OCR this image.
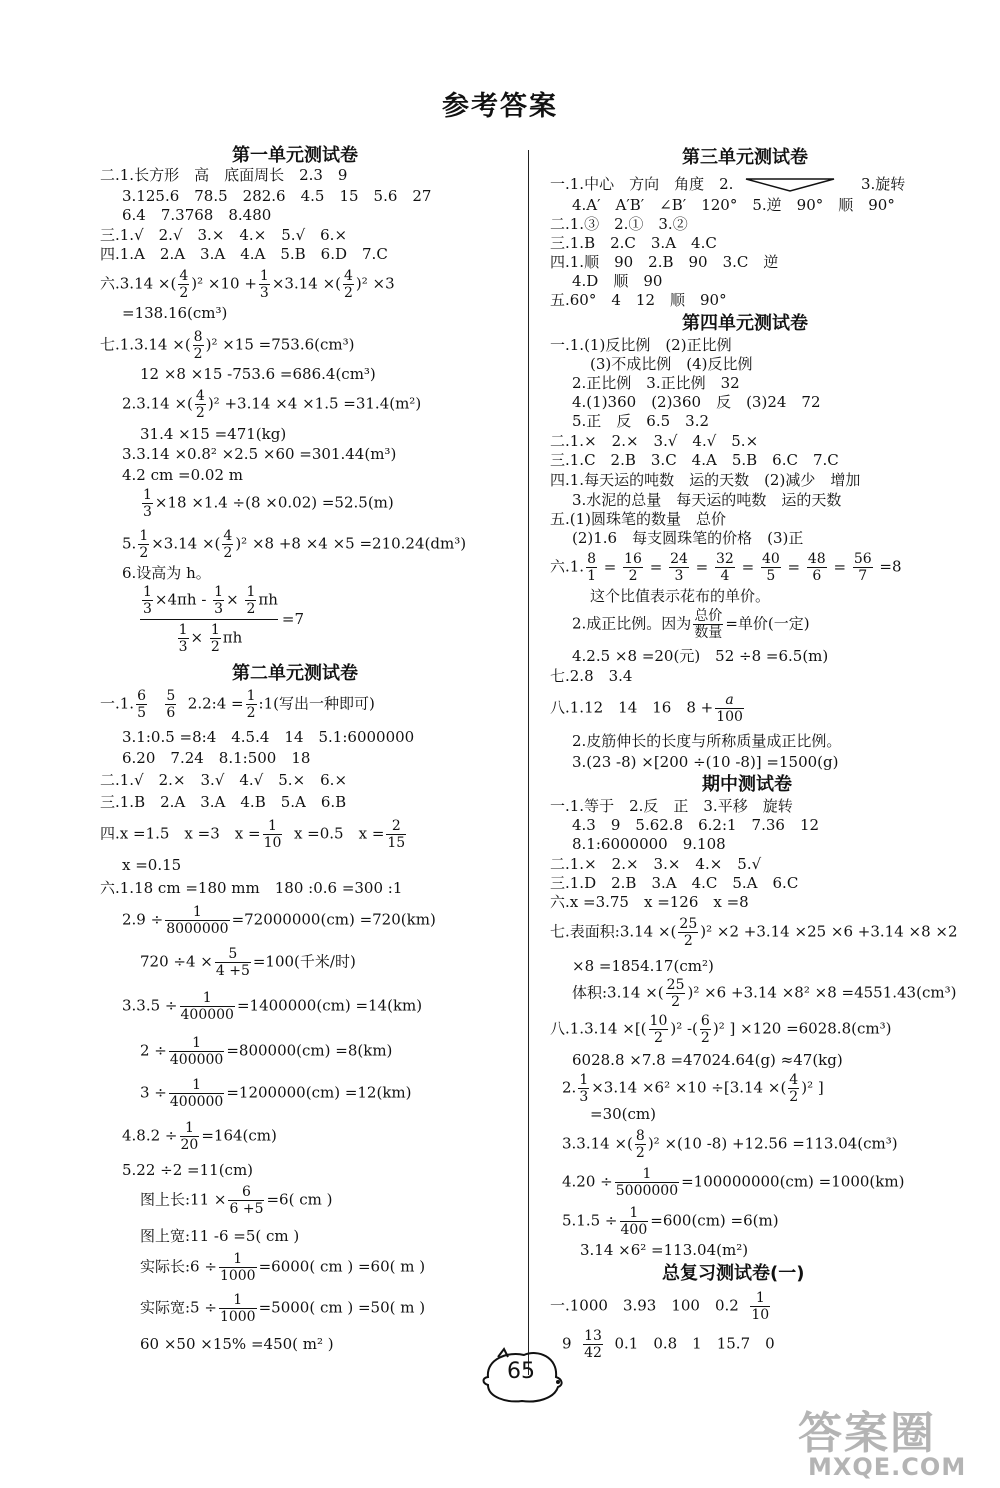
参考答案
第一单元测试卷
二.1.长方形　高　底面周长　2.3　9
3.125.6　78.5　282.6　4.5　15　5.6　27
6.4　7.3768　8.480
三.1.√　2.√　3.×　4.×　5.√　6.×
四.1.A　2.A　3.A　4.A　5.B　6.D　7.C
六.3.14 ×( $\frac{4}{2} )^2 \times 10 + \frac{1}{3} \times 3.14$ ×( $\frac{4}{2} )^2 \times 3$
=138.16(cm³)
七.1.3.14 ×( $\frac{8}{2} )^2 \times 15 =753.6(cm^3)$
12 ×8 ×15 -753.6 =686.4(cm³)
2.3.14 ×( $\frac{4}{2} )^2 +3.14 \times 4 \times 1.5 =31.4(m^2)$
31.4 ×15 =471(kg)
3.3.14 ×0.8² ×2.5 ×60 =301.44(m³)
4.2 cm =0.02 m
$\frac{1}{3} \times 18 \times 1.4 \div(8 \times 0.02) =52.5(m)$
5. $\frac{1}{2} \times 3.14$ ×( $\frac{4}{2} )^2 \times 8 +8 \times 4 \times 5 =210.24(dm^3)$
6.设高为 h。
$\frac{\frac{1}{3} \times 4\pi h - \frac{1}{3} \times \frac{1}{2} \pi h}{\frac{1}{3} \times \frac{1}{2} \pi h} =7$
第二单元测试卷
一.1. $\frac{6}{5}$
$\frac{5}{6}$ 2.2:4 = $\frac{1}{2}$ :1(写出一种即可)
3.1:0.5 =8:4　4.5.4　14　5.1:6000000
6.20　7.24　8.1:500　18
二.1.√　2.×　3.√　4.√　5.×　6.×
三.1.B　2.A　3.A　4.B　5.A　6.B
四.x =1.5　x =3　$x = \frac{1}{10}$ x =0.5　$x = \frac{2}{15}$
x =0.15
六.1.18 cm =180 mm　180 :0.6 =300 :1
$2.9 \div \frac{1}{8000000} =72000000(cm) =720(km)$
$720 \div 4 \times \frac{5}{4 +5} =100$(千米/时)
$3.3.5 \div \frac{1}{400000} =1400000(cm) =14(km)$
$2 \div \frac{1}{400000} =800000(cm) =8(km)$
$3 \div \frac{1}{400000} =1200000(cm) =12(km)$
$4.8.2 \div \frac{1}{20} =164(cm)$
5.22 ÷2 =11(cm)
图上长:11 × $\frac{6}{6 +5} =6$( cm )
图上宽:11 -6 =5( cm )
实际长:6 ÷ $\frac{1}{1000} =6000$( cm ) =60( m )
实际宽:5 ÷ $\frac{1}{1000} =5000$( cm ) =50( m )
60 ×50 ×15% =450( m² )
第三单元测试卷
一.1.中心　方向　角度　2.	3.旋转
4.A′　A′B′　∠B′　120°　5.逆　90°　顺　90°
二.1.③　2.①　3.②
三.1.B　2.C　3.A　4.C
四.1.顺　90　2.B　90　3.C　逆
4.D　顺　90
五.60°　4　12　顺　90°
第四单元测试卷
一.1.(1)反比例　(2)正比例
(3)不成比例　(4)反比例
2.正比例　3.正比例　32
4.(1)360　(2)360　反　(3)24　72
5.正　反　6.5　3.2
二.1.×　2.×　3.√　4.√　5.×
三.1.C　2.B　3.C　4.A　5.B　6.C　7.C
四.1.每天运的吨数　运的天数　(2)减少　增加
3.水泥的总量　每天运的吨数　运的天数
五.(1)圆珠笔的数量　总价
(2)1.6　每支圆珠笔的价格　(3)正
六.1. $\frac{8}{1} = \frac{16}{2} = \frac{24}{3} = \frac{32}{4} = \frac{40}{5} = \frac{48}{6} = \frac{56}{7} =8$
这个比值表示花布的单价。
2.成正比例。因为 $\frac{\text{总价}}{\text{数量}}$ =单价(一定)
4.2.5 ×8 =20(元)　52 ÷8 =6.5(m)
七.2.8　3.4
八.1.12　14　16　$8 + \frac{a}{100}$
2.皮筋伸长的长度与所称质量成正比例。
3.(23 -8) ×[200 ÷(10 -8)] =1500(g)
期中测试卷
一.1.等于　2.反　正　3.平移　旋转
4.3　9　5.62.8　6.2:1　7.36　12
8.1:6000000　9.108
二.1.×　2.×　3.×　4.×　5.√
三.1.D　2.B　3.A　4.C　5.A　6.C
六.x =3.75　x =126　x =8
七.表面积:3.14 ×( $\frac{25}{2} )^2 \times 2 +3.14 \times 25 \times 6 +3.14 \times 8 \times 2$
×8 =1854.17(cm²)
体积:3.14 ×( $\frac{25}{2} )^2 \times 6 +3.14 \times 8^2 \times 8 =4551.43(cm^3)$
八.1.3.14 ×[( $\frac{10}{2} )^2$ -( $\frac{6}{2} )^2$ ] ×120 =6028.8(cm³)
6028.8 ×7.8 =47024.64(g) ≈47(kg)
2. $\frac{1}{3} \times 3.14 \times 6^2 \times 10 \div[3.14$ ×( $\frac{4}{2} )^2$ ]
=30(cm)
3.3.14 ×( $\frac{8}{2} )^2 \times(10$ -8) +12.56 =113.04(cm³)
$4.20 \div \frac{1}{5000000} =100000000(cm) =1000(km)$
$5.1.5 \div \frac{1}{400} =600(cm) =6(m)$
3.14 ×6² =113.04(m²)
总复习测试卷(一)
一.1000　3.93　100　$0.2 \frac{1}{10}$
$9 \frac{13}{42} 0.1$　0.8　1　15.7　0
65
答案圈
MXQE.COM
